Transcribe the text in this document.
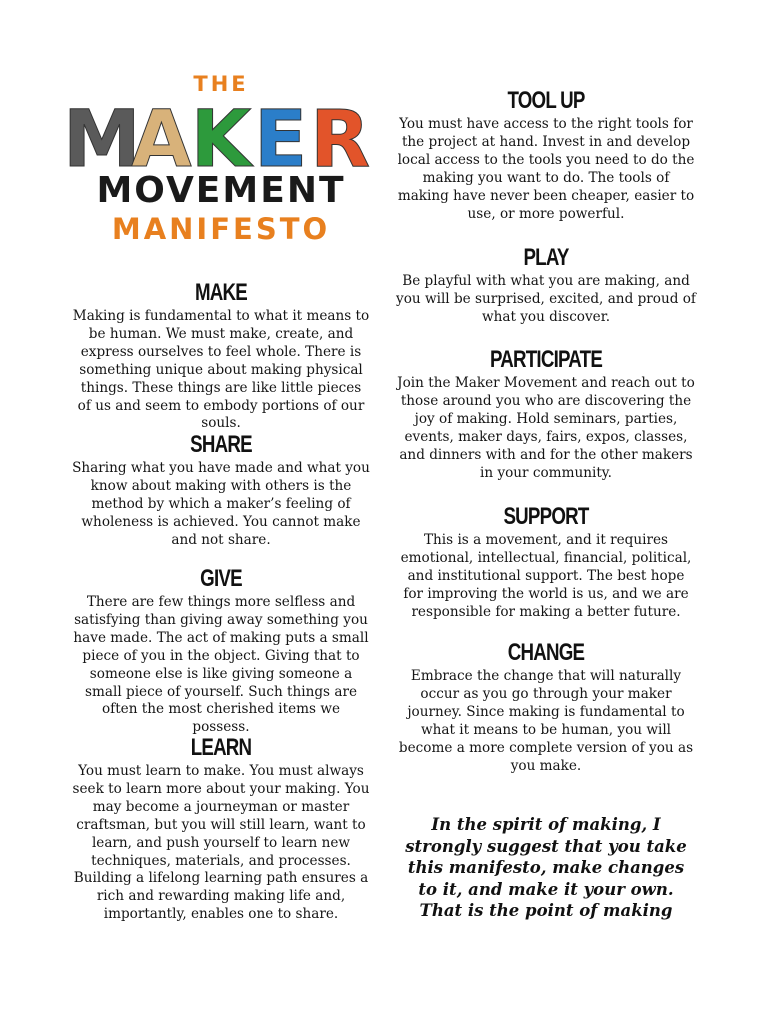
THE
M
A K E R
MOVEMENT
MANIFESTO
MAKE

Making is fundamental to what it means to be human. We must make, create, and express ourselves to feel whole. There is something unique about making physical things. These things are like little pieces of us and seem to embody portions of our souls.

SHARE

Sharing what you have made and what you know about making with others is the method by which a maker’s feeling of wholeness is achieved. You cannot make and not share.

GIVE

There are few things more selfless and satisfying than giving away something you have made. The act of making puts a small piece of you in the object. Giving that to someone else is like giving someone a small piece of yourself. Such things are often the most cherished items we possess.

LEARN

You must learn to make. You must always seek to learn more about your making. You may become a journeyman or master craftsman, but you will still learn, want to learn, and push yourself to learn new techniques, materials, and processes. Building a lifelong learning path ensures a rich and rewarding making life and, importantly, enables one to share.

TOOL UP

You must have access to the right tools for the project at hand. Invest in and develop local access to the tools you need to do the making you want to do. The tools of making have never been cheaper, easier to use, or more powerful.

PLAY

Be playful with what you are making, and you will be surprised, excited, and proud of what you discover.

PARTICIPATE

Join the Maker Movement and reach out to those around you who are discovering the joy of making. Hold seminars, parties, events, maker days, fairs, expos, classes, and dinners with and for the other makers in your community.

SUPPORT

This is a movement, and it requires emotional, intellectual, financial, political, and institutional support. The best hope for improving the world is us, and we are responsible for making a better future.

CHANGE

Embrace the change that will naturally occur as you go through your maker journey. Since making is fundamental to what it means to be human, you will become a more complete version of you as you make.

In the spirit of making, I strongly suggest that you take this manifesto, make changes to it, and make it your own. That is the point of making
